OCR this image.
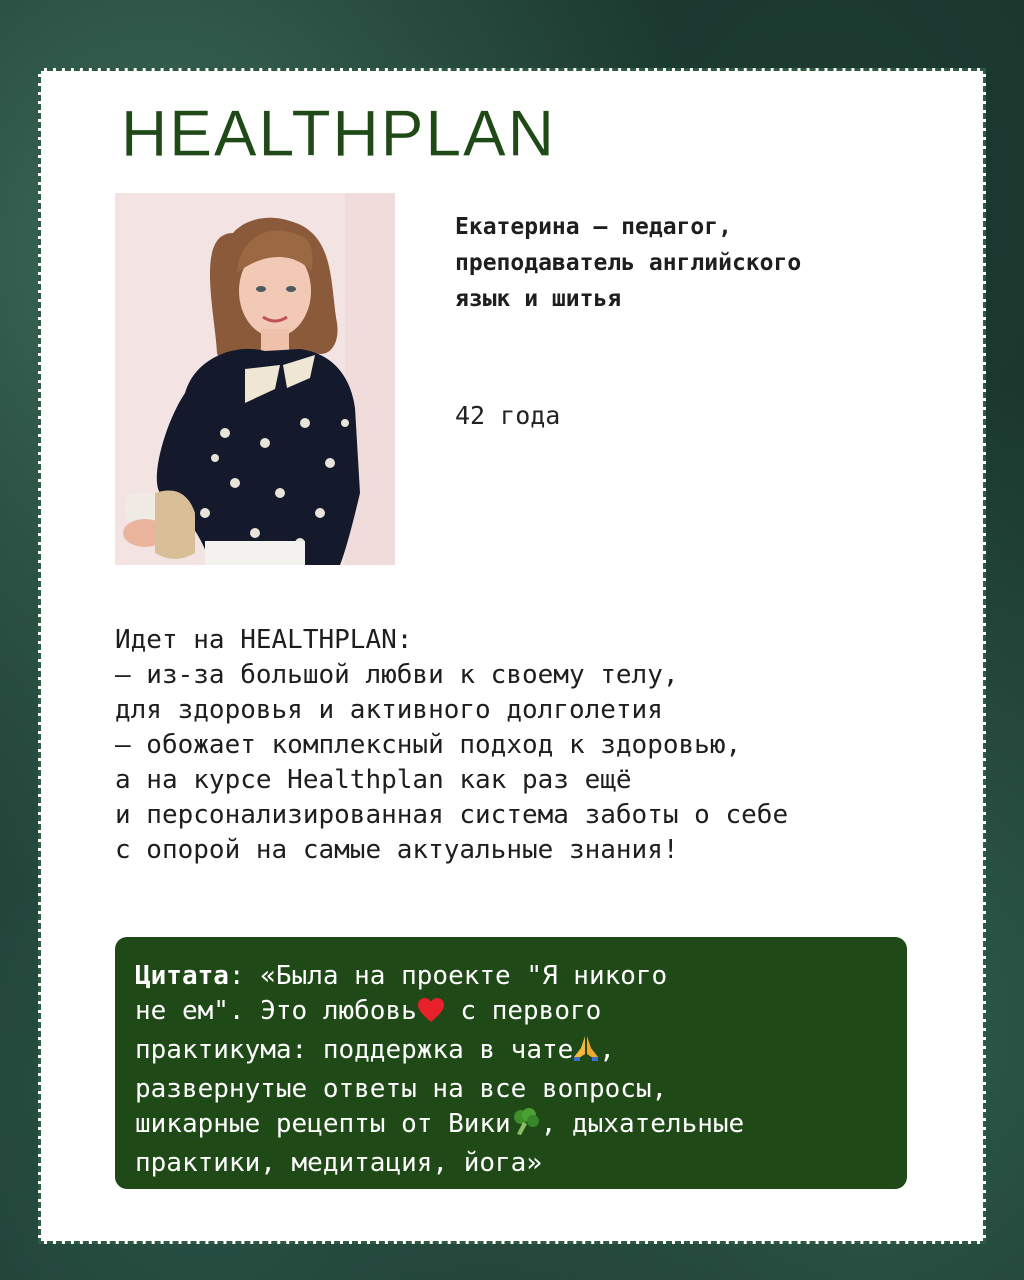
HEALTHPLAN
Екатерина – педагог,
преподаватель английского
язык и шитья
42 года
Идет на HEALTHPLAN:
– из-за большой любви к своему телу,
для здоровья и активного долголетия
– обожает комплексный подход к здоровью,
а на курсе Healthplan как раз ещё
и персонализированная система заботы о себе
с опорой на самые актуальные знания!
Цитата: «Была на проекте "Я никого
не ем". Это любовь с первого
практикума: поддержка в чате ,
развернутые ответы на все вопросы,
шикарные рецепты от Вики , дыхательные
практики, медитация, йога»
